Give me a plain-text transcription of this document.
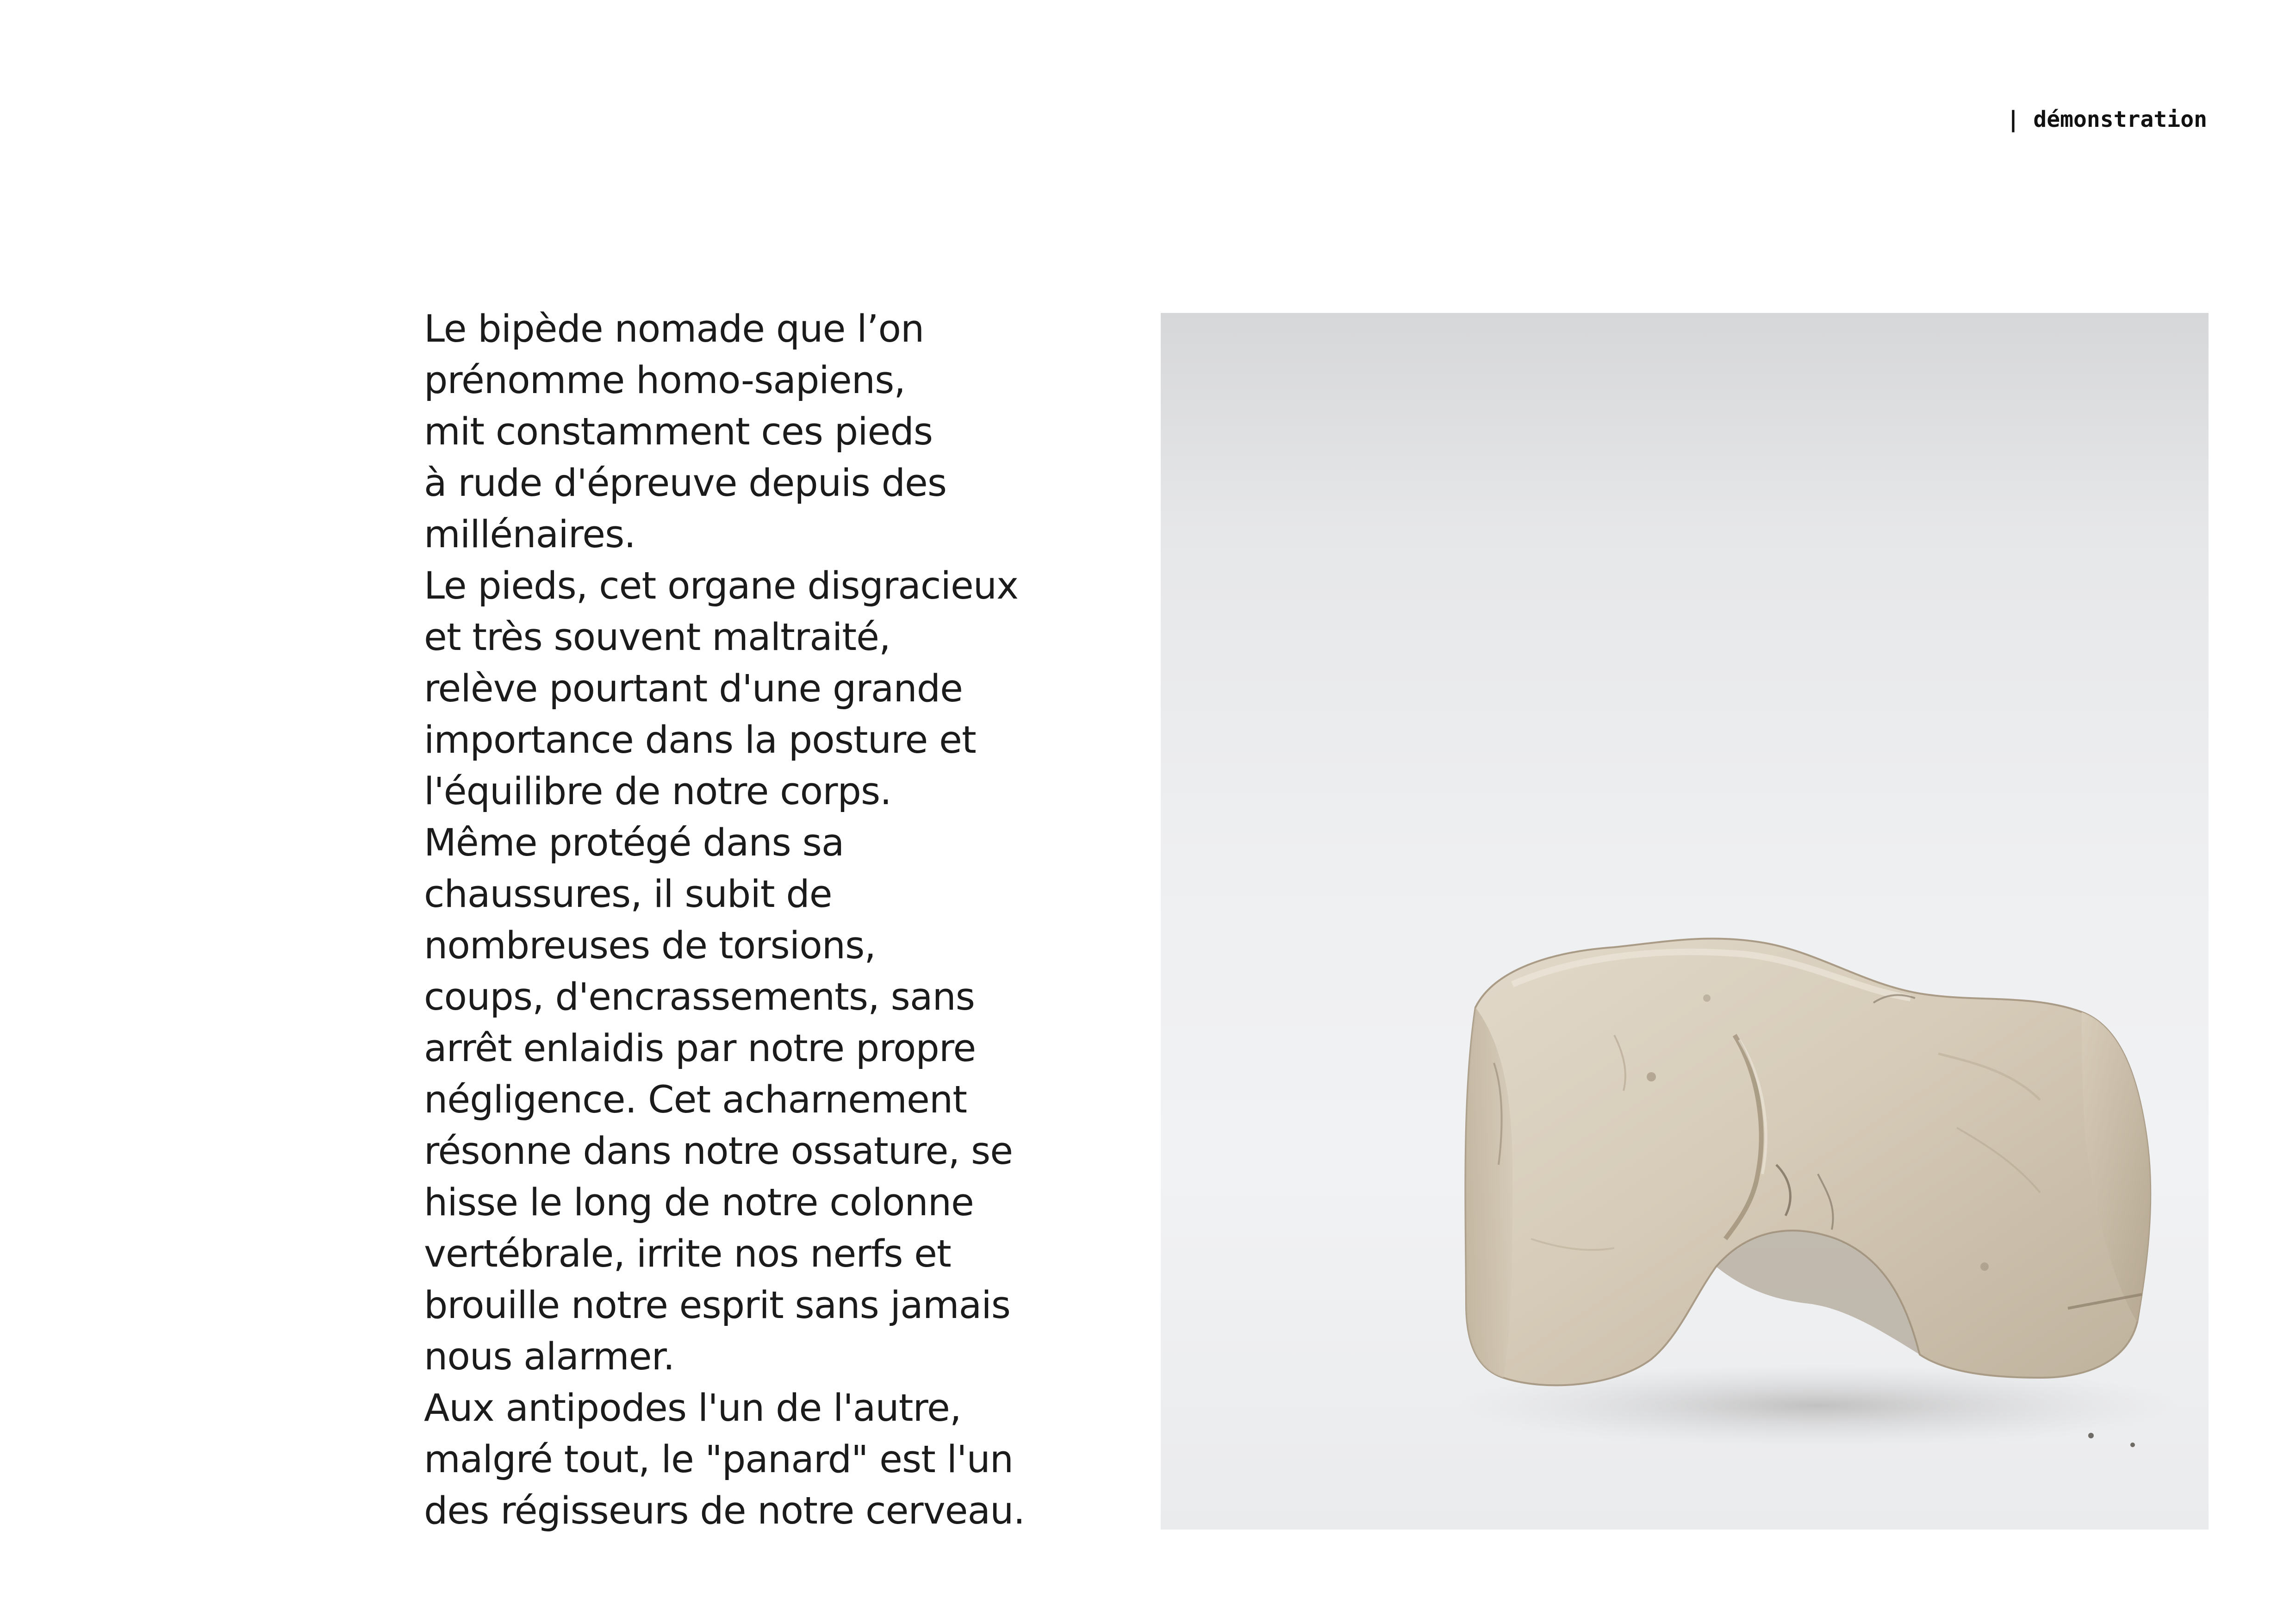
| démonstration
Le bipède nomade que l’on
prénomme homo-sapiens,
mit constamment ces pieds
à rude d'épreuve depuis des
millénaires.
Le pieds, cet organe disgracieux
et très souvent maltraité,
relève pourtant d'une grande
importance dans la posture et
l'équilibre de notre corps.
Même protégé dans sa
chaussures, il subit de
nombreuses de torsions,
coups, d'encrassements, sans
arrêt enlaidis par notre propre
négligence. Cet acharnement
résonne dans notre ossature, se
hisse le long de notre colonne
vertébrale, irrite nos nerfs et
brouille notre esprit sans jamais
nous alarmer.
Aux antipodes l'un de l'autre,
malgré tout, le "panard" est l'un
des régisseurs de notre cerveau.
